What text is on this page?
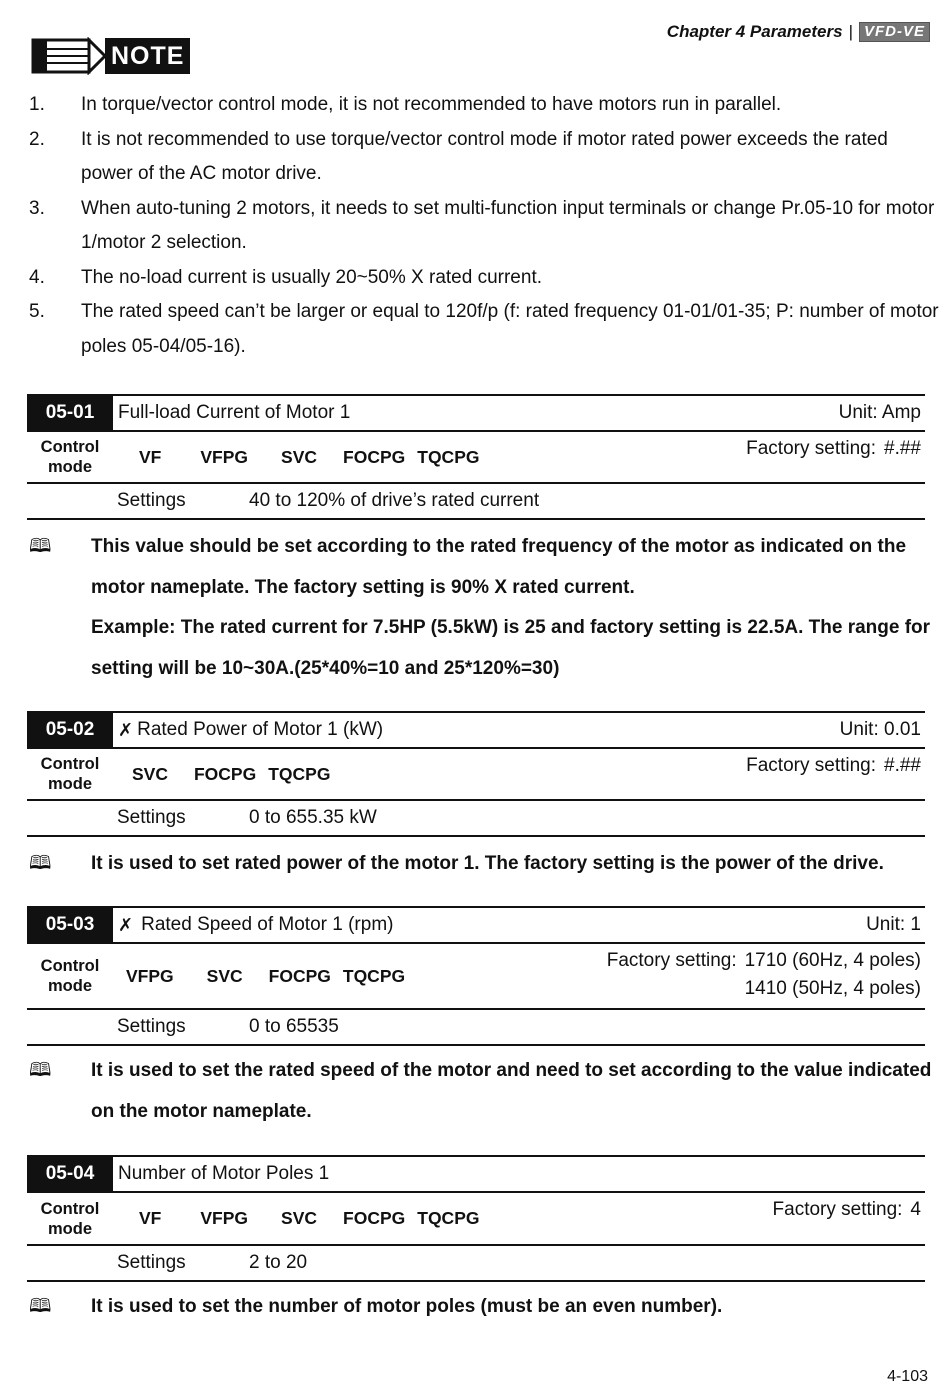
Chapter 4 Parameters | VFD-VE
NOTE
1.	In torque/vector control mode, it is not recommended to have motors run in parallel.
2.	It is not recommended to use torque/vector control mode if motor rated power exceeds the rated power of the AC motor drive.
3.	When auto-tuning 2 motors, it needs to set multi-function input terminals or change Pr.05-10 for motor 1/motor 2 selection.
4.	The no-load current is usually 20~50% X rated current.
5.	The rated speed can’t be larger or equal to 120f/p (f: rated frequency 01-01/01-35; P: number of motor poles 05-04/05-16).
05-01	Full-load Current of Motor 1	Unit: Amp
Control
mode
VF VFPG SVC FOCPG TQCPG	Factory setting: #.##
Settings	40 to 120% of drive’s rated current
🕮 This value should be set according to the rated frequency of the motor as indicated on the motor nameplate. The factory setting is 90% X rated current.
Example: The rated current for 7.5HP (5.5kW) is 25 and factory setting is 22.5A. The range for setting will be 10~30A.(25*40%=10 and 25*120%=30)
05-02	✗ Rated Power of Motor 1 (kW)	Unit: 0.01
Control
mode
SVC FOCPG TQCPG	Factory setting: #.##
Settings	0 to 655.35 kW
🕮 It is used to set rated power of the motor 1. The factory setting is the power of the drive.
05-03	✗ Rated Speed of Motor 1 (rpm)	Unit: 1
Control
mode
VFPG SVC FOCPG TQCPG
Factory setting: 1710 (60Hz, 4 poles)
1410 (50Hz, 4 poles)
Settings	0 to 65535
🕮 It is used to set the rated speed of the motor and need to set according to the value indicated on the motor nameplate.
05-04	Number of Motor Poles 1
Control
mode
VF VFPG SVC FOCPG TQCPG	Factory setting: 4
Settings	2 to 20
🕮 It is used to set the number of motor poles (must be an even number).
4-103
